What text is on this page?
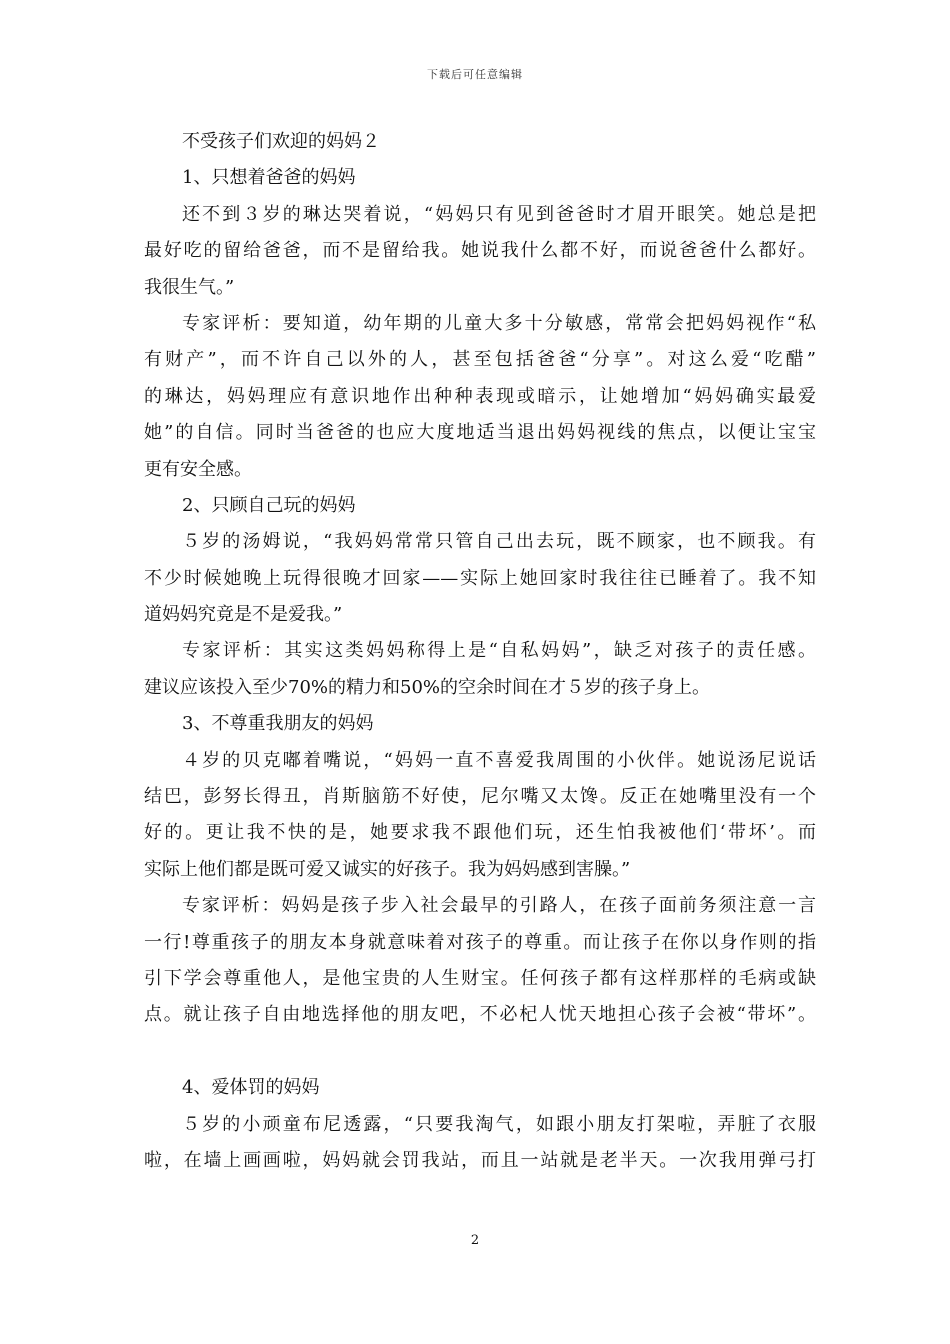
下载后可任意编辑
不受孩子们欢迎的妈妈２
1、只想着爸爸的妈妈
还不到３岁的琳达哭着说，“妈妈只有见到爸爸时才眉开眼笑。她总是把
最好吃的留给爸爸，而不是留给我。她说我什么都不好，而说爸爸什么都好。
我很生气。”
专家评析：要知道，幼年期的儿童大多十分敏感，常常会把妈妈视作“私
有财产”，而不许自己以外的人，甚至包括爸爸“分享”。对这么爱“吃醋”
的琳达，妈妈理应有意识地作出种种表现或暗示，让她增加“妈妈确实最爱
她”的自信。同时当爸爸的也应大度地适当退出妈妈视线的焦点，以便让宝宝
更有安全感。
2、只顾自己玩的妈妈
５岁的汤姆说，“我妈妈常常只管自己出去玩，既不顾家，也不顾我。有
不少时候她晚上玩得很晚才回家——实际上她回家时我往往已睡着了。我不知
道妈妈究竟是不是爱我。”
专家评析：其实这类妈妈称得上是“自私妈妈”，缺乏对孩子的责任感。
建议应该投入至少70%的精力和50%的空余时间在才５岁的孩子身上。
3、不尊重我朋友的妈妈
４岁的贝克嘟着嘴说，“妈妈一直不喜爱我周围的小伙伴。她说汤尼说话
结巴，彭努长得丑，肖斯脑筋不好使，尼尔嘴又太馋。反正在她嘴里没有一个
好的。更让我不快的是，她要求我不跟他们玩，还生怕我被他们‘带坏’。而
实际上他们都是既可爱又诚实的好孩子。我为妈妈感到害臊。”
专家评析：妈妈是孩子步入社会最早的引路人，在孩子面前务须注意一言
一行!尊重孩子的朋友本身就意味着对孩子的尊重。而让孩子在你以身作则的指
引下学会尊重他人，是他宝贵的人生财宝。任何孩子都有这样那样的毛病或缺
点。就让孩子自由地选择他的朋友吧，不必杞人忧天地担心孩子会被“带坏”。
4、爱体罚的妈妈
５岁的小顽童布尼透露，“只要我淘气，如跟小朋友打架啦，弄脏了衣服
啦，在墙上画画啦，妈妈就会罚我站，而且一站就是老半天。一次我用弹弓打
2
